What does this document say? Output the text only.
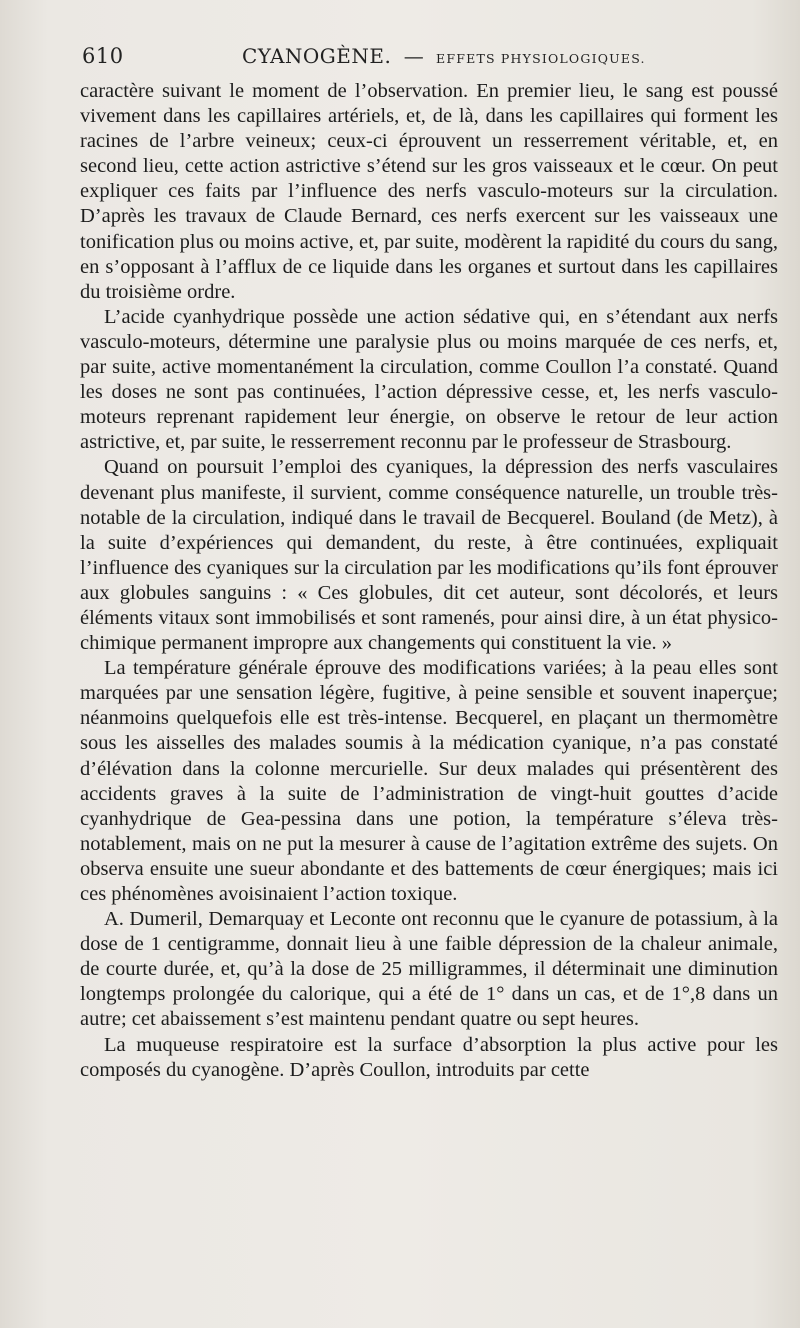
610	CYANOGÈNE. — EFFETS PHYSIOLOGIQUES.

caractère suivant le moment de l’observation. En premier lieu, le sang est poussé vivement dans les capillaires artériels, et, de là, dans les capillaires qui forment les racines de l’arbre veineux; ceux-ci éprouvent un resserrement véritable, et, en second lieu, cette action astrictive s’étend sur les gros vaisseaux et le cœur. On peut expliquer ces faits par l’influence des nerfs vasculo-moteurs sur la circulation. D’après les travaux de Claude Bernard, ces nerfs exercent sur les vaisseaux une tonification plus ou moins active, et, par suite, modèrent la rapidité du cours du sang, en s’opposant à l’afflux de ce liquide dans les organes et surtout dans les capillaires du troisième ordre.

L’acide cyanhydrique possède une action sédative qui, en s’étendant aux nerfs vasculo-moteurs, détermine une paralysie plus ou moins marquée de ces nerfs, et, par suite, active momentanément la circulation, comme Coullon l’a constaté. Quand les doses ne sont pas continuées, l’action dépressive cesse, et, les nerfs vasculo-moteurs reprenant rapidement leur énergie, on observe le retour de leur action astrictive, et, par suite, le resserrement reconnu par le professeur de Strasbourg.

Quand on poursuit l’emploi des cyaniques, la dépression des nerfs vasculaires devenant plus manifeste, il survient, comme conséquence naturelle, un trouble très-notable de la circulation, indiqué dans le travail de Becquerel. Bouland (de Metz), à la suite d’expériences qui demandent, du reste, à être continuées, expliquait l’influence des cyaniques sur la circulation par les modifications qu’ils font éprouver aux globules sanguins : « Ces globules, dit cet auteur, sont décolorés, et leurs éléments vitaux sont immobilisés et sont ramenés, pour ainsi dire, à un état physico-chimique permanent impropre aux changements qui constituent la vie. »

La température générale éprouve des modifications variées; à la peau elles sont marquées par une sensation légère, fugitive, à peine sensible et souvent inaperçue; néanmoins quelquefois elle est très-intense. Becquerel, en plaçant un thermomètre sous les aisselles des malades soumis à la médication cyanique, n’a pas constaté d’élévation dans la colonne mercurielle. Sur deux malades qui présentèrent des accidents graves à la suite de l’administration de vingt-huit gouttes d’acide cyanhydrique de Gea-pessina dans une potion, la température s’éleva très-notablement, mais on ne put la mesurer à cause de l’agitation extrême des sujets. On observa ensuite une sueur abondante et des battements de cœur énergiques; mais ici ces phénomènes avoisinaient l’action toxique.

A. Dumeril, Demarquay et Leconte ont reconnu que le cyanure de potassium, à la dose de 1 centigramme, donnait lieu à une faible dépression de la chaleur animale, de courte durée, et, qu’à la dose de 25 milligrammes, il déterminait une diminution longtemps prolongée du calorique, qui a été de 1° dans un cas, et de 1°,8 dans un autre; cet abaissement s’est maintenu pendant quatre ou sept heures.

La muqueuse respiratoire est la surface d’absorption la plus active pour les composés du cyanogène. D’après Coullon, introduits par cette
